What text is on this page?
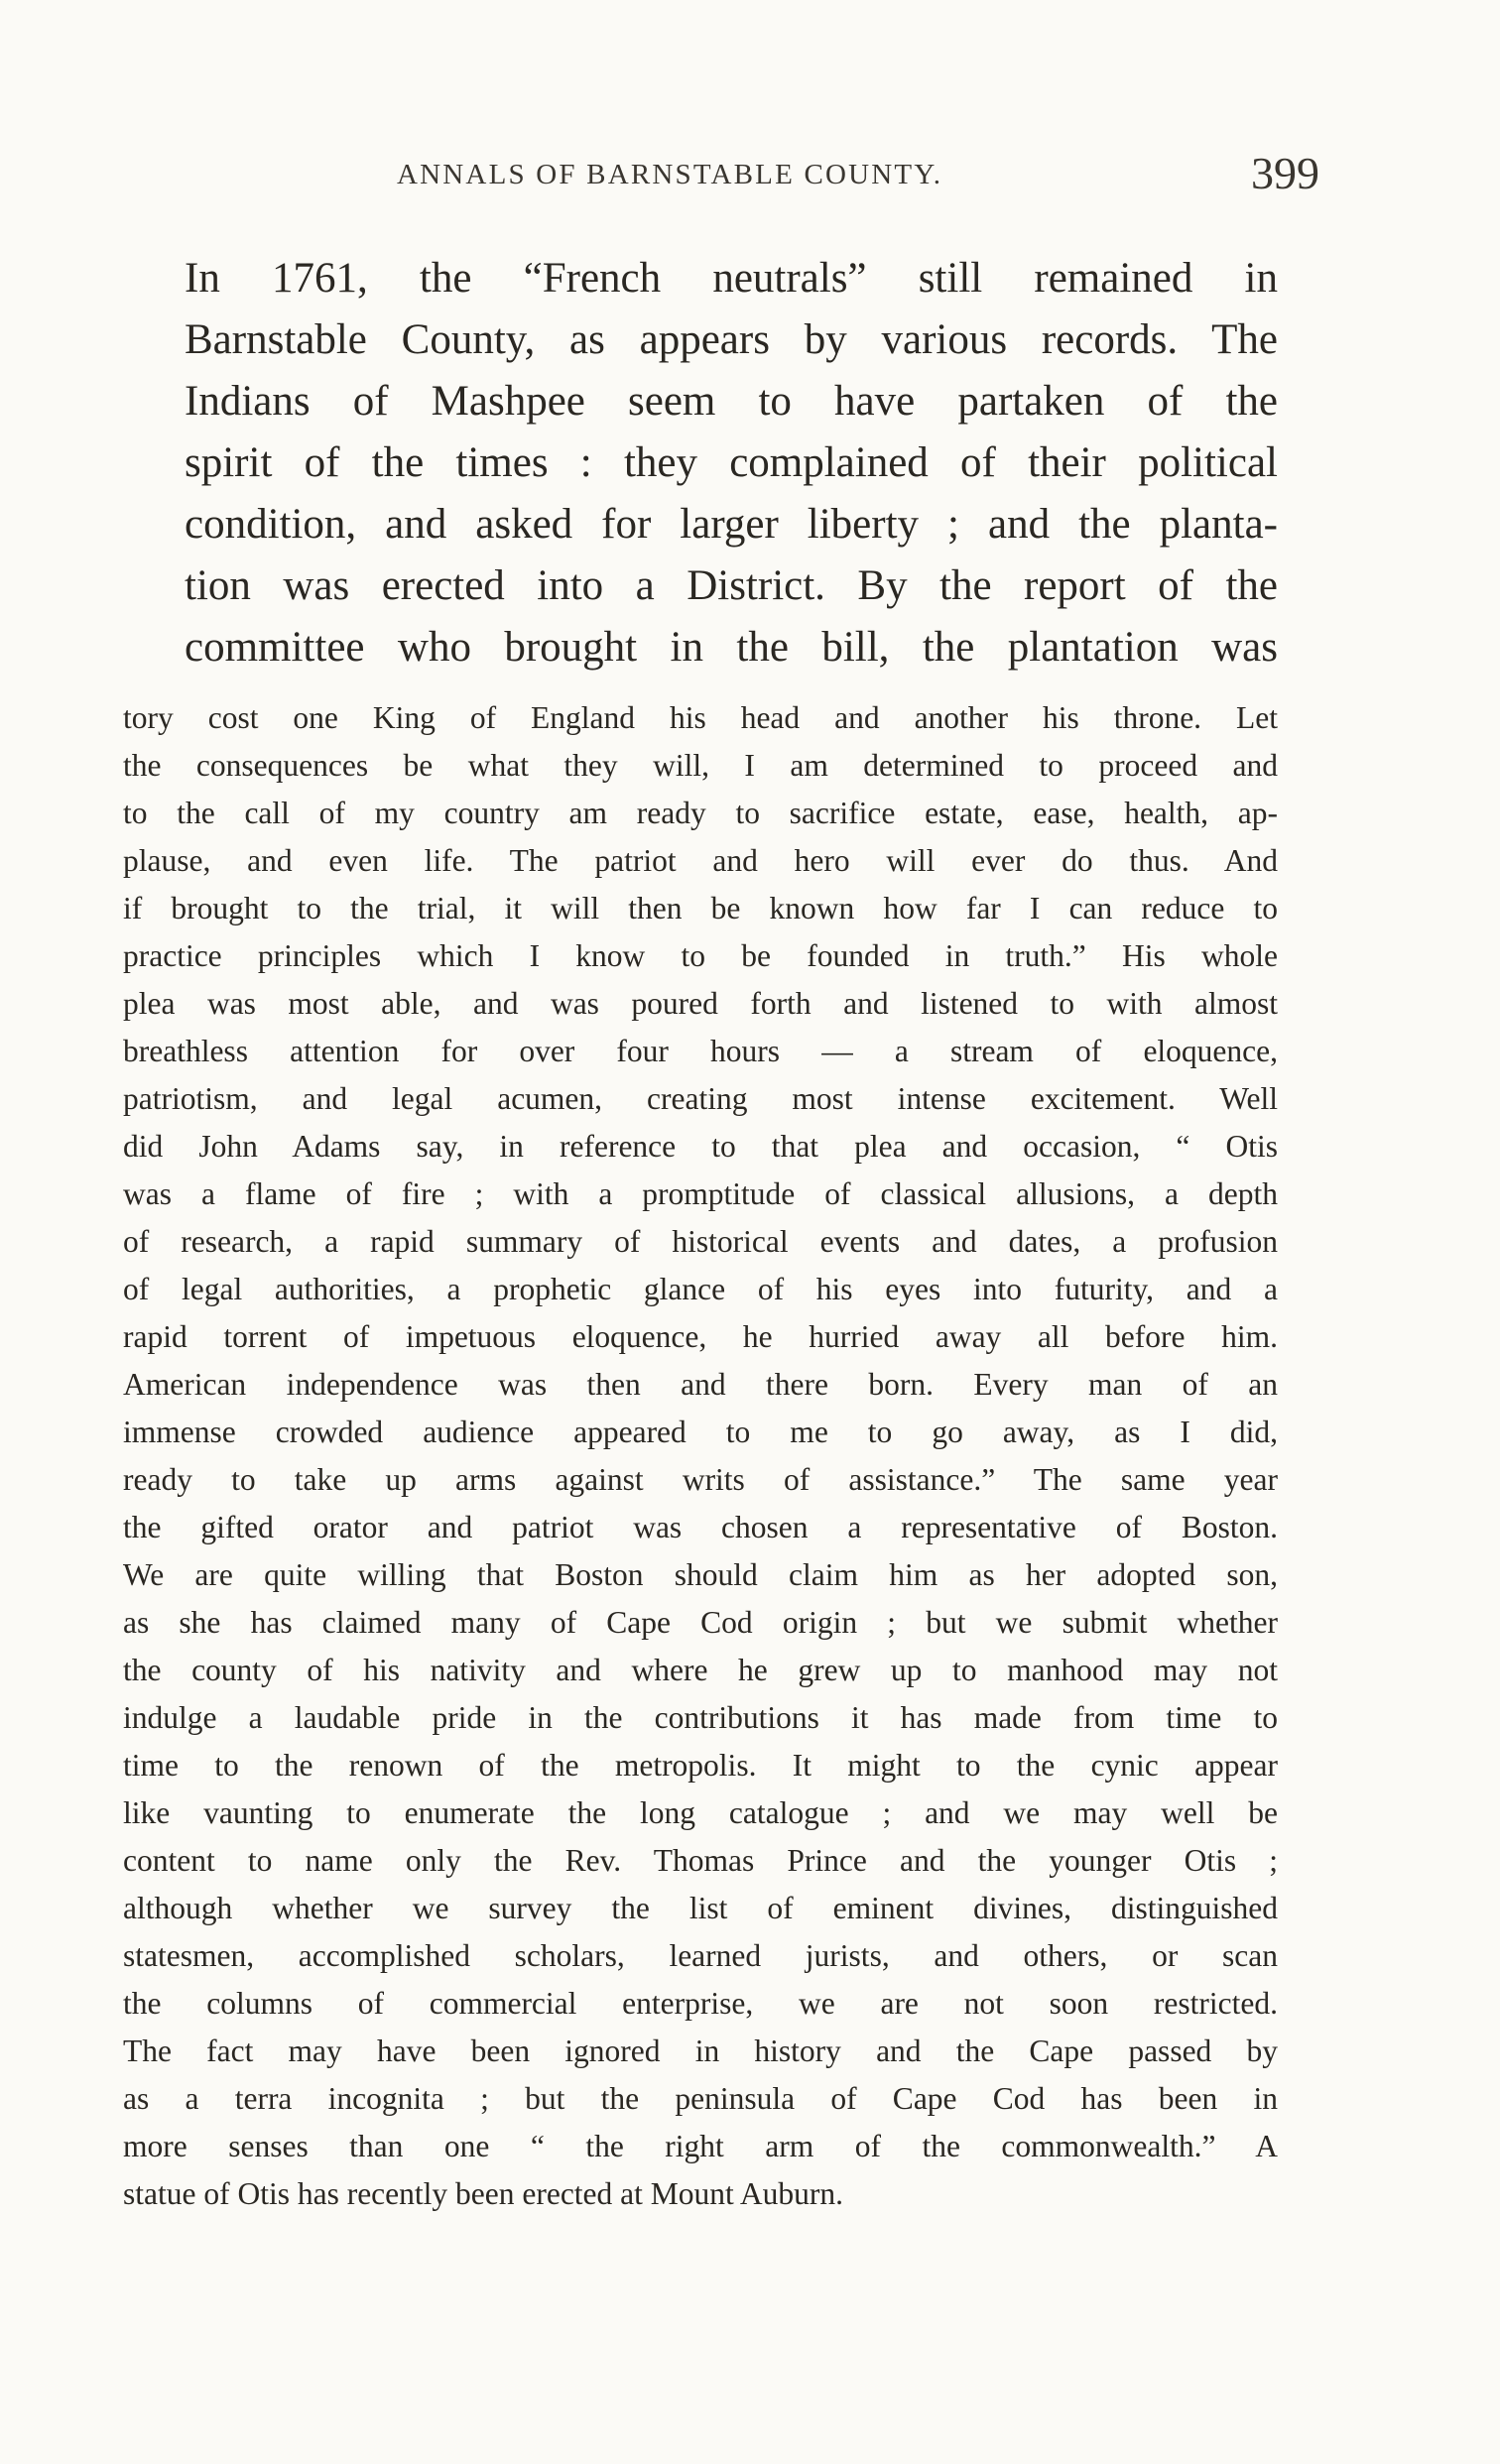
ANNALS OF BARNSTABLE COUNTY.	399
In 1761, the “French neutrals” still remained in
Barnstable County, as appears by various records. The
Indians of Mashpee seem to have partaken of the
spirit of the times : they complained of their political
condition, and asked for larger liberty ; and the planta-
tion was erected into a District. By the report of the
committee who brought in the bill, the plantation was
tory cost one King of England his head and another his throne. Let
the consequences be what they will, I am determined to proceed and
to the call of my country am ready to sacrifice estate, ease, health, ap-
plause, and even life. The patriot and hero will ever do thus. And
if brought to the trial, it will then be known how far I can reduce to
practice principles which I know to be founded in truth.” His whole
plea was most able, and was poured forth and listened to with almost
breathless attention for over four hours — a stream of eloquence,
patriotism, and legal acumen, creating most intense excitement. Well
did John Adams say, in reference to that plea and occasion, “ Otis
was a flame of fire ; with a promptitude of classical allusions, a depth
of research, a rapid summary of historical events and dates, a profusion
of legal authorities, a prophetic glance of his eyes into futurity, and a
rapid torrent of impetuous eloquence, he hurried away all before him.
American independence was then and there born. Every man of an
immense crowded audience appeared to me to go away, as I did,
ready to take up arms against writs of assistance.” The same year
the gifted orator and patriot was chosen a representative of Boston.
We are quite willing that Boston should claim him as her adopted son,
as she has claimed many of Cape Cod origin ; but we submit whether
the county of his nativity and where he grew up to manhood may not
indulge a laudable pride in the contributions it has made from time to
time to the renown of the metropolis. It might to the cynic appear
like vaunting to enumerate the long catalogue ; and we may well be
content to name only the Rev. Thomas Prince and the younger Otis ;
although whether we survey the list of eminent divines, distinguished
statesmen, accomplished scholars, learned jurists, and others, or scan
the columns of commercial enterprise, we are not soon restricted.
The fact may have been ignored in history and the Cape passed by
as a terra incognita ; but the peninsula of Cape Cod has been in
more senses than one “ the right arm of the commonwealth.” A
statue of Otis has recently been erected at Mount Auburn.
